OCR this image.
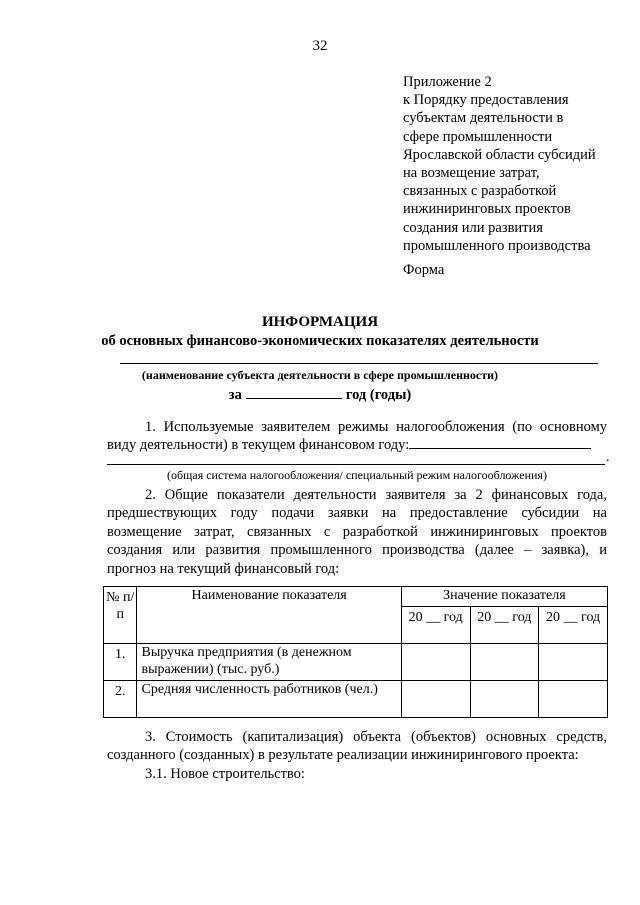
32
Приложение 2
к Порядку предоставления
субъектам деятельности в
сфере промышленности
Ярославской области субсидий
на возмещение затрат,
связанных с разработкой
инжиниринговых проектов
создания или развития
промышленного производства
Форма
ИНФОРМАЦИЯ
об основных финансово-экономических показателях деятельности
(наименование субъекта деятельности в сфере промышленности)
за	год (годы)
1. Используемые заявителем режимы налогообложения (по основному
виду деятельности) в текущем финансовом году:
.
(общая система налогообложения/ специальный режим налогообложения)
2. Общие показатели деятельности заявителя за 2 финансовых года,
предшествующих году подачи заявки на предоставление субсидии на
возмещение затрат, связанных с разработкой инжиниринговых проектов
создания или развития промышленного производства (далее – заявка), и
прогноз на текущий финансовый год:
№ п/п	Наименование показателя	Значение показателя		
		20 __ год	20 __ год	20 __ год
1.	Выручка предприятия (в денежном выражении) (тыс. руб.)			
2.	Средняя численность работников (чел.)			
3. Стоимость (капитализация) объекта (объектов) основных средств,
созданного (созданных) в результате реализации инжинирингового проекта:
3.1. Новое строительство:
